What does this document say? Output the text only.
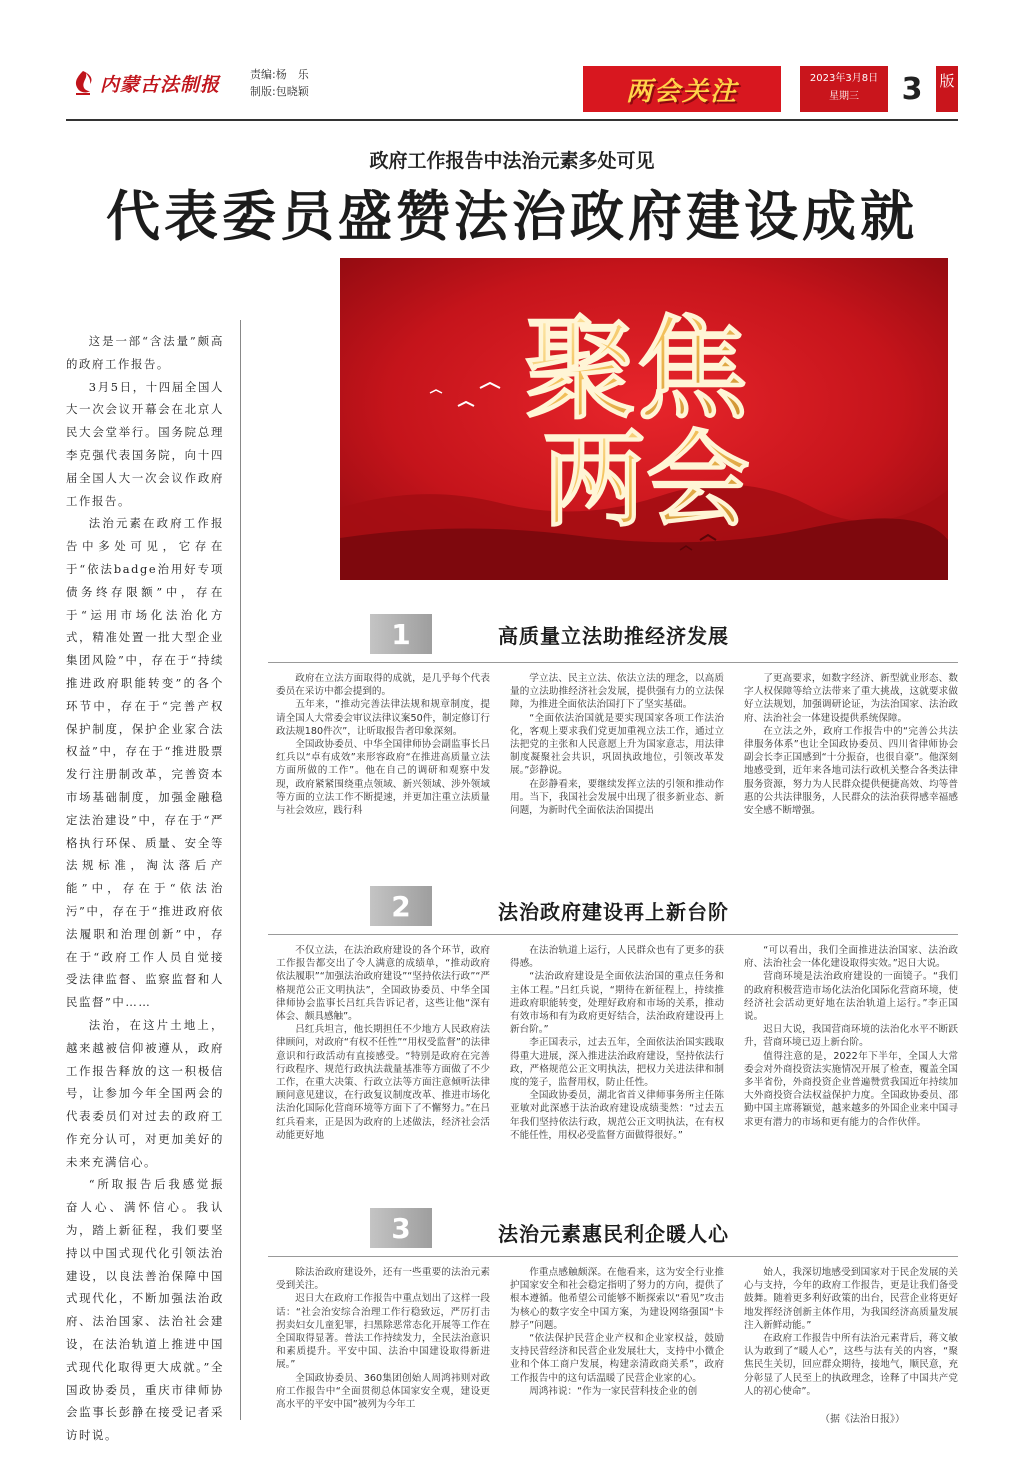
内蒙古法制报	责编:杨　乐
制版:包晓颖	两会关注	2023年3月8日
星期三	3	版
政府工作报告中法治元素多处可见
代表委员盛赞法治政府建设成就
聚焦
两会

这是一部“含法量”颇高的政府工作报告。

3月5日，十四届全国人大一次会议开幕会在北京人民大会堂举行。国务院总理李克强代表国务院，向十四届全国人大一次会议作政府工作报告。

法治元素在政府工作报告中多处可见，它存在于“依法badge治用好专项债务终存限额”中，存在于“运用市场化法治化方式，精准处置一批大型企业集团风险”中，存在于“持续推进政府职能转变”的各个环节中，存在于“完善产权保护制度，保护企业家合法权益”中，存在于“推进股票发行注册制改革，完善资本市场基础制度，加强金融稳定法治建设”中，存在于“严格执行环保、质量、安全等法规标准，淘汰落后产能”中，存在于“依法治污”中，存在于“推进政府依法履职和治理创新”中，存在于“政府工作人员自觉接受法律监督、监察监督和人民监督”中……

法治，在这片土地上，越来越被信仰被遵从，政府工作报告释放的这一积极信号，让参加今年全国两会的代表委员们对过去的政府工作充分认可，对更加美好的未来充满信心。

“所取报告后我感觉振奋人心、满怀信心。我认为，踏上新征程，我们要坚持以中国式现代化引领法治建设，以良法善治保障中国式现代化，不断加强法治政府、法治国家、法治社会建设，在法治轨道上推进中国式现代化取得更大成就。”全国政协委员，重庆市律师协会监事长彭静在接受记者采访时说。

1	高质量立法助推经济发展

政府在立法方面取得的成就，是几乎每个代表委员在采访中都会提到的。

五年来，“推动完善法律法规和规章制度，提请全国人大常委会审议法律议案50件，制定修订行政法规180件次”，让昕取报告者印象深刻。

全国政协委员、中华全国律师协会副监事长吕红兵以“卓有成效”来形容政府“在推进高质量立法方面所做的工作”。他在自己的调研和观察中发现，政府紧紧围绕重点领域、新兴领域、涉外领域等方面的立法工作不断提速，并更加注重立法质量与社会效应，践行科

学立法、民主立法、依法立法的理念，以高质量的立法助推经济社会发展，提供强有力的立法保障，为推进全面依法治国打下了坚实基础。

“全面依法治国就是要实现国家各项工作法治化，客观上要求我们党更加重视立法工作，通过立法把党的主张和人民意愿上升为国家意志，用法律制度凝聚社会共识，巩固执政地位，引领改革发展。”彭静说。

在彭静看来，要继续发挥立法的引领和推动作用。当下，我国社会发展中出现了很多新业态、新问题，为新时代全面依法治国提出

了更高要求，如数字经济、新型就业形态、数字人权保障等给立法带来了重大挑战，这就要求做好立法规划，加强调研论证，为法治国家、法治政府、法治社会一体建设提供系统保障。

在立法之外，政府工作报告中的“完善公共法律服务体系”也让全国政协委员、四川省律师协会副会长李正国感到“十分振奋，也很自豪”。他深刻地感受到，近年来各地司法行政机关整合各类法律服务资源，努力为人民群众提供便捷高效、均等普惠的公共法律服务，人民群众的法治获得感幸福感安全感不断增强。

2	法治政府建设再上新台阶

不仅立法，在法治政府建设的各个环节，政府工作报告都交出了令人满意的成绩单，“推动政府依法履职”“加强法治政府建设”“坚持依法行政”“严格规范公正文明执法”，全国政协委员、中华全国律师协会监事长吕红兵告诉记者，这些让他“深有体会、颇具感触”。

吕红兵坦言，他长期担任不少地方人民政府法律顾问，对政府“有权不任性”“用权受监督”的法律意识和行政活动有直接感受。“特别是政府在完善行政程序、规范行政执法裁量基准等方面做了不少工作，在重大决策、行政立法等方面注意倾听法律顾问意见建议，在行政复议制度改革、推进市场化法治化国际化营商环境等方面下了不懈努力。”在吕红兵看来，正是因为政府的上述做法，经济社会活动能更好地

在法治轨道上运行，人民群众也有了更多的获得感。

“法治政府建设是全面依法治国的重点任务和主体工程。”吕红兵说，“期待在新征程上，持续推进政府职能转变，处理好政府和市场的关系，推动有效市场和有为政府更好结合，法治政府建设再上新台阶。”

李正国表示，过去五年，全面依法治国实践取得重大进展，深入推进法治政府建设，坚持依法行政，严格规范公正文明执法，把权力关进法律和制度的笼子，监督用权，防止任性。

全国政协委员，湖北省首义律师事务所主任陈亚敏对此深感于法治政府建设成绩斐然：“过去五年我们坚持依法行政，规范公正文明执法，在有权不能任性，用权必受监督方面做得很好。”

“可以看出，我们全面推进法治国家、法治政府、法治社会一体化建设取得实效。”迟日大说。

营商环境是法治政府建设的一面镜子。“我们的政府积极营造市场化法治化国际化营商环境，使经济社会活动更好地在法治轨道上运行。”李正国说。

迟日大说，我国营商环境的法治化水平不断跃升，营商环境已迈上新台阶。

值得注意的是，2022年下半年，全国人大常委会对外商投资法实施情况开展了检查，覆盖全国多半省份，外商投资企业普遍赞赏我国近年持续加大外商投资合法权益保护力度。全国政协委员、邵勤中国主席蒋颖觉，越来越多的外国企业来中国寻求更有潜力的市场和更有能力的合作伙伴。

3	法治元素惠民利企暖人心

除法治政府建设外，还有一些重要的法治元素受到关注。

迟日大在政府工作报告中重点划出了这样一段话：“社会治安综合治理工作行稳致远，严厉打击拐卖妇女儿童犯罪，扫黑除恶常态化开展等工作在全国取得显著。普法工作持续发力，全民法治意识和素质提升。平安中国、法治中国建设取得新进展。”

全国政协委员、360集团创始人周鸿祎则对政府工作报告中“全面贯彻总体国家安全观，建设更高水平的平安中国”被列为今年工

作重点感触颇深。在他看来，这为安全行业推护国家安全和社会稳定指明了努力的方向，提供了根本遵循。他希望公司能够不断探索以“看见”攻击为核心的数字安全中国方案，为建设网络强国“卡脖子”问题。

“依法保护民营企业产权和企业家权益，鼓励支持民营经济和民营企业发展壮大，支持中小微企业和个体工商户发展，构建亲清政商关系”，政府工作报告中的这句话温暖了民营企业家的心。

周鸿祎说：“作为一家民营科技企业的创

始人，我深切地感受到国家对于民企发展的关心与支持，今年的政府工作报告，更是让我们备受鼓舞。随着更多利好政策的出台，民营企业将更好地发挥经济创新主体作用，为我国经济高质量发展注入新鲜动能。”

在政府工作报告中所有法治元素背后，蒋文敏认为敢到了“暖人心”，这些与法有关的内容，“聚焦民生关切，回应群众期待，接地气，顺民意，充分彰显了人民至上的执政理念，诠释了中国共产党人的初心使命”。

（据《法治日报》）
